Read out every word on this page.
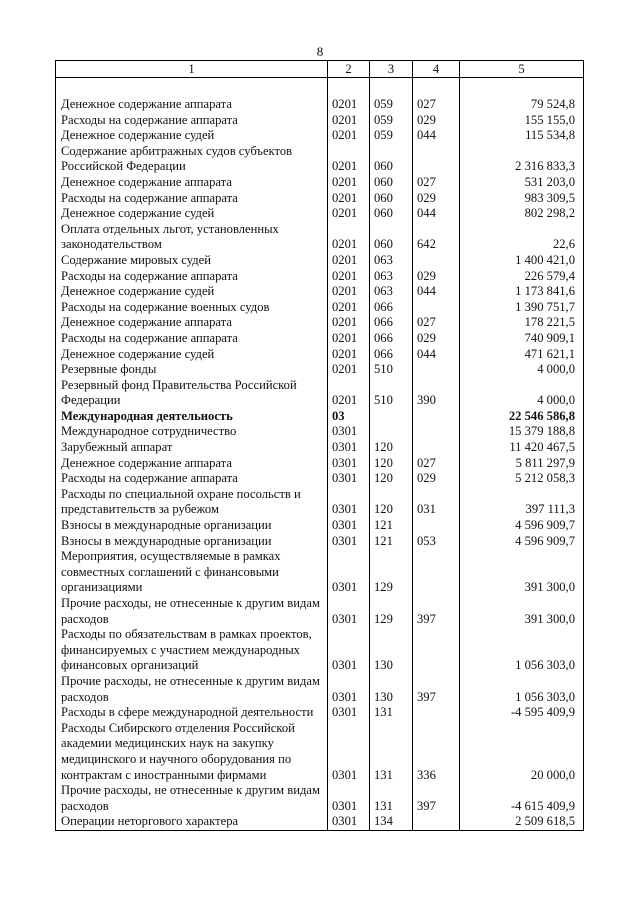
8
1	2	3	4	5

Денежное содержание аппарата	0201	059	027	79 524,8
Расходы на содержание аппарата	0201	059	029	155 155,0
Денежное содержание судей	0201	059	044	115 534,8
Содержание арбитражных судов субъектов Российской Федерации	0201	060		2 316 833,3
Денежное содержание аппарата	0201	060	027	531 203,0
Расходы на содержание аппарата	0201	060	029	983 309,5
Денежное содержание судей	0201	060	044	802 298,2
Оплата отдельных льгот, установленных законодательством	0201	060	642	22,6
Содержание мировых судей	0201	063		1 400 421,0
Расходы на содержание аппарата	0201	063	029	226 579,4
Денежное содержание судей	0201	063	044	1 173 841,6
Расходы на содержание военных судов	0201	066		1 390 751,7
Денежное содержание аппарата	0201	066	027	178 221,5
Расходы на содержание аппарата	0201	066	029	740 909,1
Денежное содержание судей	0201	066	044	471 621,1
Резервные фонды	0201	510		4 000,0
Резервный фонд Правительства Российской Федерации	0201	510	390	4 000,0
Международная деятельность	03			22 546 586,8
Международное сотрудничество	0301			15 379 188,8
Зарубежный аппарат	0301	120		11 420 467,5
Денежное содержание аппарата	0301	120	027	5 811 297,9
Расходы на содержание аппарата	0301	120	029	5 212 058,3
Расходы по специальной охране посольств и представительств за рубежом	0301	120	031	397 111,3
Взносы в международные организации	0301	121		4 596 909,7
Взносы в международные организации	0301	121	053	4 596 909,7
Мероприятия, осуществляемые в рамках совместных соглашений с финансовыми организациями	0301	129		391 300,0
Прочие расходы, не отнесенные к другим видам расходов	0301	129	397	391 300,0
Расходы по обязательствам в рамках проектов, финансируемых с участием международных финансовых организаций	0301	130		1 056 303,0
Прочие расходы, не отнесенные к другим видам расходов	0301	130	397	1 056 303,0
Расходы в сфере международной деятельности	0301	131		-4 595 409,9
Расходы Сибирского отделения Российской академии медицинских наук на закупку медицинского и научного оборудования по контрактам с иностранными фирмами	0301	131	336	20 000,0
Прочие расходы, не отнесенные к другим видам расходов	0301	131	397	-4 615 409,9
Операции неторгового характера	0301	134		2 509 618,5
